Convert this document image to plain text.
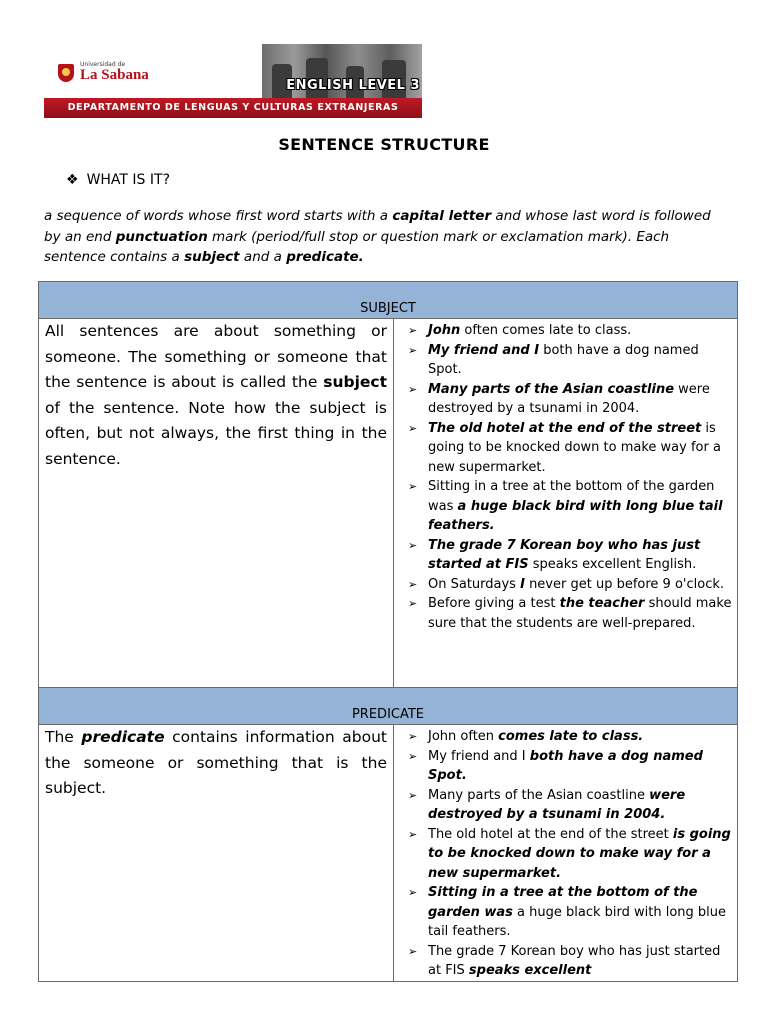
Universidad de
La Sabana
ENGLISH LEVEL 3
DEPARTAMENTO DE LENGUAS Y CULTURAS EXTRANJERAS
SENTENCE STRUCTURE
❖ WHAT IS IT?
a sequence of words whose first word starts with a capital letter and whose last word is followed by an end punctuation mark (period/full stop or question mark or exclamation mark). Each sentence contains a subject and a predicate.
SUBJECT

All sentences are about something or someone. The something or someone that the sentence is about is called the subject of the sentence. Note how the subject is often, but not always, the first thing in the sentence.	
➢ John often comes late to class.
➢ My friend and I both have a dog named Spot.
➢ Many parts of the Asian coastline were destroyed by a tsunami in 2004.
➢ The old hotel at the end of the street is going to be knocked down to make way for a new supermarket.
➢ Sitting in a tree at the bottom of the garden was a huge black bird with long blue tail feathers.
➢ The grade 7 Korean boy who has just started at FIS speaks excellent English.
➢ On Saturdays I never get up before 9 o'clock.
➢ Before giving a test the teacher should make sure that the students are well-prepared.
PREDICATE

The predicate contains information about the someone or something that is the subject.	
➢ John often comes late to class.
➢ My friend and I both have a dog named Spot.
➢ Many parts of the Asian coastline were destroyed by a tsunami in 2004.
➢ The old hotel at the end of the street is going to be knocked down to make way for a new supermarket.
➢ Sitting in a tree at the bottom of the garden was a huge black bird with long blue tail feathers.
➢ The grade 7 Korean boy who has just started at FIS speaks excellent
